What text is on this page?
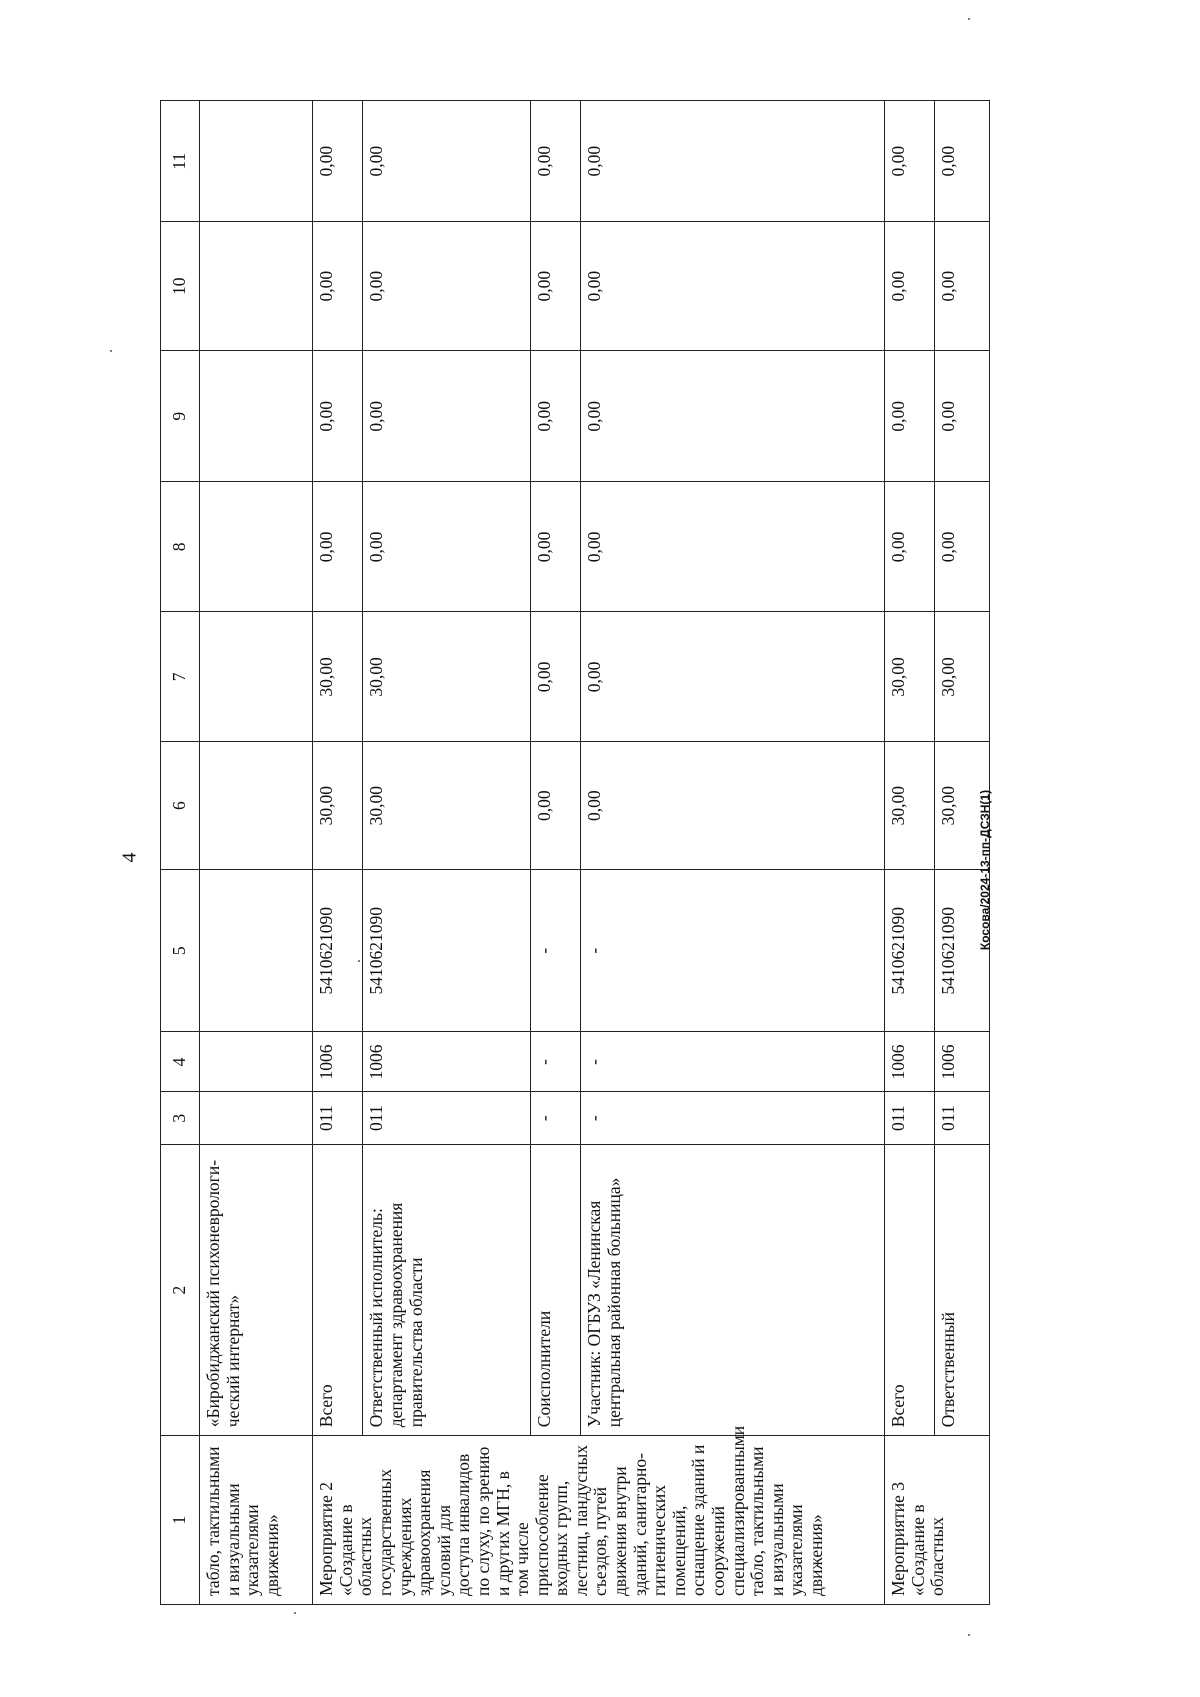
4
1	2	3	4	5	6	7	8	9	10	11
табло, тактильными и визуальными указателями движения»	«Биробиджанский психоневрологи-ческий интернат»									
Мероприятие 2 «Создание в областных государственных учреждениях здравоохранения условий для доступа инвалидов по слуху, по зрению и других МГН, в том числе приспособление входных групп, лестниц, пандусных съездов, путей движения внутри зданий, санитарно-гигиенических помещений, оснащение зданий и сооружений специализированными табло, тактильными и визуальными указателями движения»	Всего	011	1006	5410621090	30,00	30,00	0,00	0,00	0,00	0,00
	Ответственный исполнитель: департамент здравоохранения правительства области	011	1006	5410621090	30,00	30,00	0,00	0,00	0,00	0,00
	Соисполнители	-	-	-	0,00	0,00	0,00	0,00	0,00	0,00
	Участник: ОГБУЗ «Ленинская центральная районная больница»	-	-	-	0,00	0,00	0,00	0,00	0,00	0,00
Мероприятие 3 «Создание в областных	Всего	011	1006	5410621090	30,00	30,00	0,00	0,00	0,00	0,00
	Ответственный	011	1006	5410621090	30,00	30,00	0,00	0,00	0,00	0,00
Косова/2024-13-пп-ДСЗН(1)
